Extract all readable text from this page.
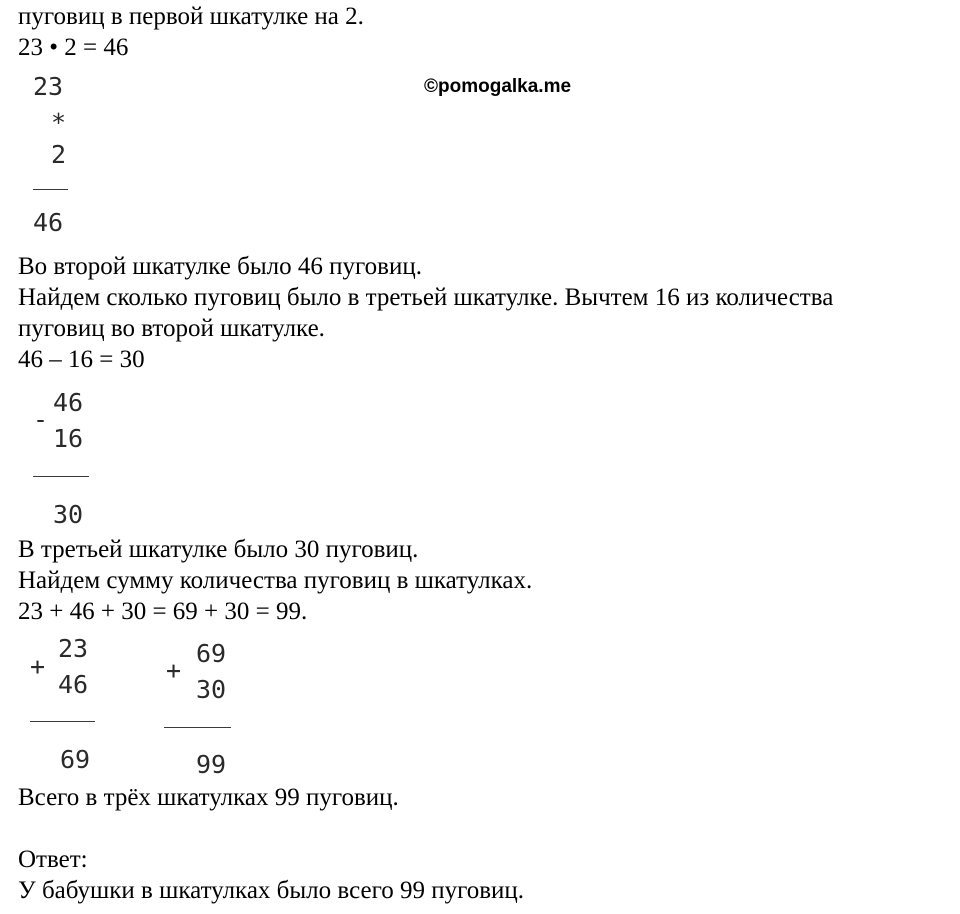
пуговиц в первой шкатулке на 2.
23 • 2 = 46
©pomogalka.me
23
*
2
46
Во второй шкатулке было 46 пуговиц.
Найдем сколько пуговиц было в третьей шкатулке. Вычтем 16 из количества
пуговиц во второй шкатулке.
46 – 16 = 30
-
46
16
30
В третьей шкатулке было 30 пуговиц.
Найдем сумму количества пуговиц в шкатулках.
23 + 46 + 30 = 69 + 30 = 99.
+
23
46
69
+
69
30
99
Всего в трёх шкатулках 99 пуговиц.
Ответ:
У бабушки в шкатулках было всего 99 пуговиц.
